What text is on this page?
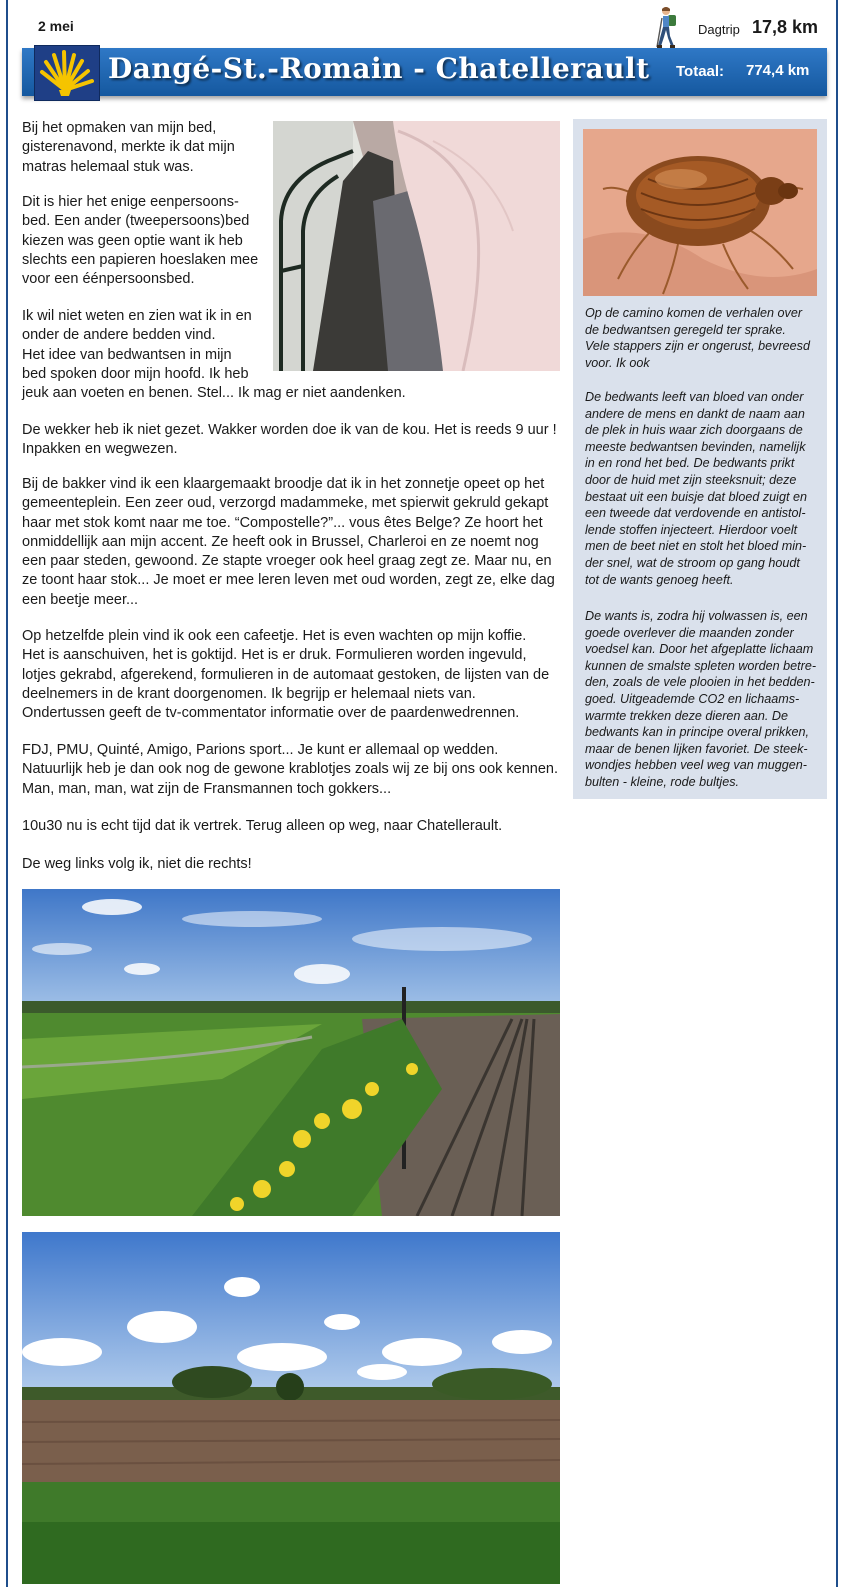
2 mei	Dagtrip 17,8 km
Dangé-St.-Romain - Chatellerault Totaal: 774,4 km
Bij het opmaken van mijn bed,
gisterenavond, merkte ik dat mijn
matras helemaal stuk was.
Dit is hier het enige eenpersoons-
bed. Een ander (tweepersoons)bed
kiezen was geen optie want ik heb
slechts een papieren hoeslaken mee
voor een éénpersoonsbed.
Ik wil niet weten en zien wat ik in en
onder de andere bedden vind.
Het idee van bedwantsen in mijn
bed spoken door mijn hoofd. Ik heb
jeuk aan voeten en benen. Stel... Ik mag er niet aandenken.
De wekker heb ik niet gezet. Wakker worden doe ik van de kou. Het is reeds 9 uur !
Inpakken en wegwezen.
Bij de bakker vind ik een klaargemaakt broodje dat ik in het zonnetje opeet op het
gemeenteplein. Een zeer oud, verzorgd madammeke, met spierwit gekruld gekapt
haar met stok komt naar me toe. “Compostelle?”... vous êtes Belge? Ze hoort het
onmiddellijk aan mijn accent. Ze heeft ook in Brussel, Charleroi en ze noemt nog
een paar steden, gewoond. Ze stapte vroeger ook heel graag zegt ze. Maar nu, en
ze toont haar stok... Je moet er mee leren leven met oud worden, zegt ze, elke dag
een beetje meer...
Op hetzelfde plein vind ik ook een cafeetje. Het is even wachten op mijn koffie.
Het is aanschuiven, het is goktijd. Het is er druk. Formulieren worden ingevuld,
lotjes gekrabd, afgerekend, formulieren in de automaat gestoken, de lijsten van de
deelnemers in de krant doorgenomen. Ik begrijp er helemaal niets van.
Ondertussen geeft de tv-commentator informatie over de paardenwedrennen.
FDJ, PMU, Quinté, Amigo, Parions sport... Je kunt er allemaal op wedden.
Natuurlijk heb je dan ook nog de gewone krablotjes zoals wij ze bij ons ook kennen.
Man, man, man, wat zijn de Fransmannen toch gokkers...
10u30 nu is echt tijd dat ik vertrek. Terug alleen op weg, naar Chatellerault.
De weg links volg ik, niet die rechts!
Op de camino komen de verhalen over
de bedwantsen geregeld ter sprake.
Vele stappers zijn er ongerust, bevreesd
voor. Ik ook
De bedwants leeft van bloed van onder
andere de mens en dankt de naam aan
de plek in huis waar zich doorgaans de
meeste bedwantsen bevinden, namelijk
in en rond het bed. De bedwants prikt
door de huid met zijn steeksnuit; deze
bestaat uit een buisje dat bloed zuigt en
een tweede dat verdovende en antistol-
lende stoffen injecteert. Hierdoor voelt
men de beet niet en stolt het bloed min-
der snel, wat de stroom op gang houdt
tot de wants genoeg heeft.
De wants is, zodra hij volwassen is, een
goede overlever die maanden zonder
voedsel kan. Door het afgeplatte lichaam
kunnen de smalste spleten worden betre-
den, zoals de vele plooien in het bedden-
goed. Uitgeademde CO2 en lichaams-
warmte trekken deze dieren aan. De
bedwants kan in principe overal prikken,
maar de benen lijken favoriet. De steek-
wondjes hebben veel weg van muggen-
bulten - kleine, rode bultjes.
